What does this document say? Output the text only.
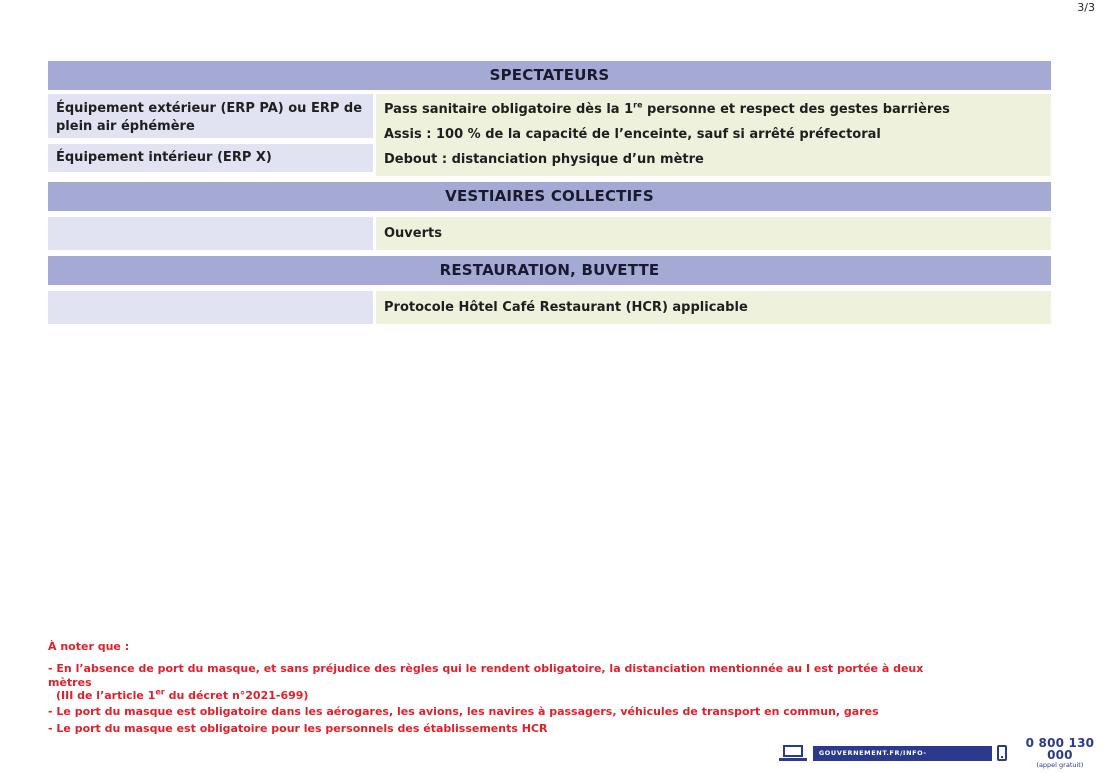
3/3
SPECTATEURS
Équipement extérieur (ERP PA) ou ERP de plein air éphémère
Équipement intérieur (ERP X)
Pass sanitaire obligatoire dès la 1re personne et respect des gestes barrières
Assis : 100 % de la capacité de l’enceinte, sauf si arrêté préfectoral
Debout : distanciation physique d’un mètre
VESTIAIRES COLLECTIFS
Ouverts
RESTAURATION, BUVETTE
Protocole Hôtel Café Restaurant (HCR) applicable
À noter que :
- En l’absence de port du masque, et sans préjudice des règles qui le rendent obligatoire, la distanciation mentionnée au I est portée à deux mètres
(III de l’article 1er du décret n°2021-699)
- Le port du masque est obligatoire dans les aérogares, les avions, les navires à passagers, véhicules de transport en commun, gares
- Le port du masque est obligatoire pour les personnels des établissements HCR
GOUVERNEMENT.FR/INFO-CORONAVIRUS
0 800 130 000
(appel gratuit)
